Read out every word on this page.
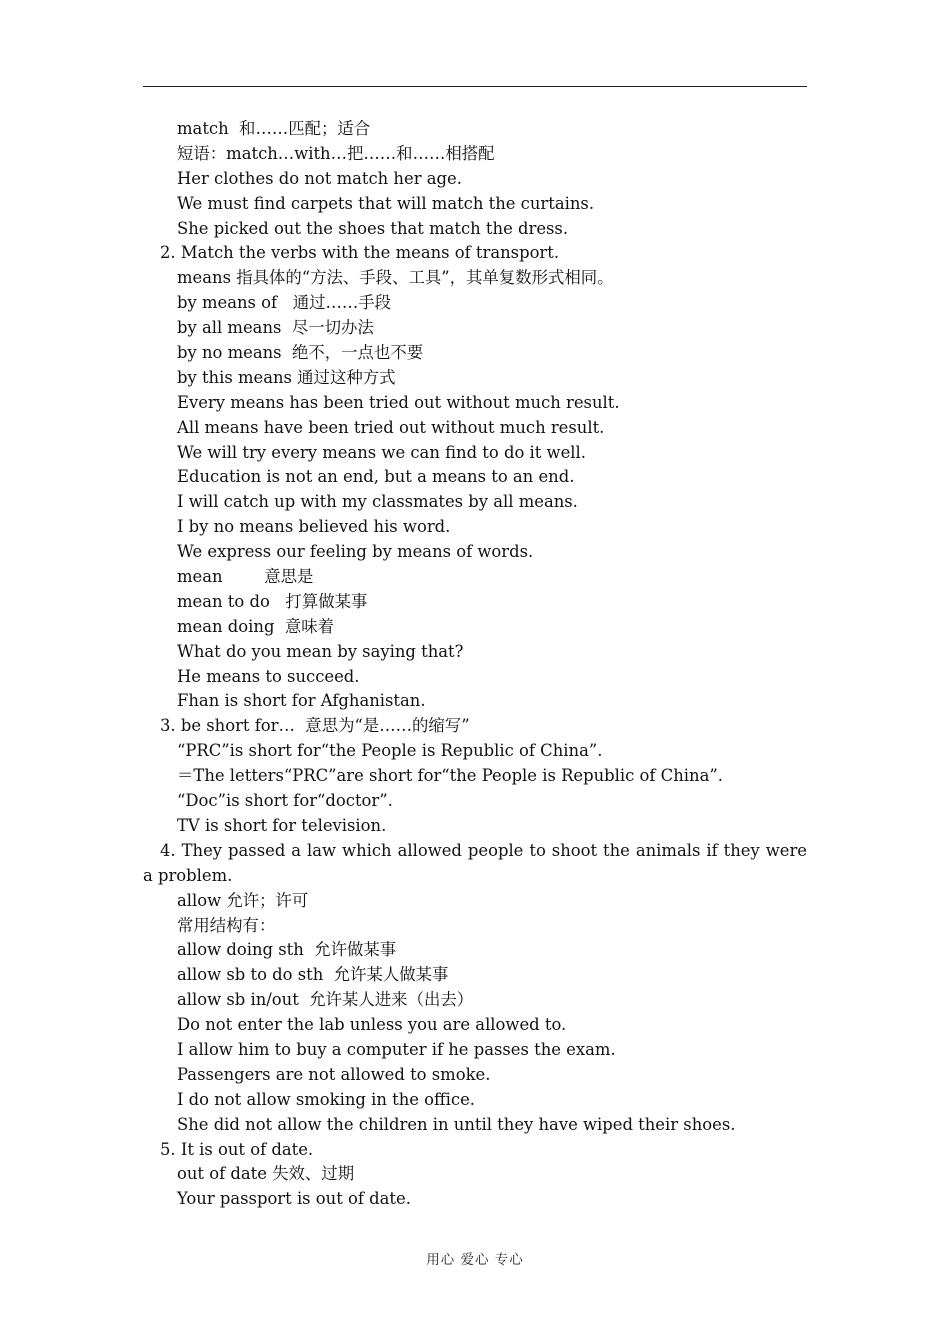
match  和……匹配；适合
短语：match…with…把……和……相搭配
Her clothes do not match her age.
We must find carpets that will match the curtains.
She picked out the shoes that match the dress.
2. Match the verbs with the means of transport.
means 指具体的“方法、手段、工具”，其单复数形式相同。
by means of   通过……手段
by all means  尽一切办法
by no means  绝不，一点也不要
by this means 通过这种方式
Every means has been tried out without much result.
All means have been tried out without much result.
We will try every means we can find to do it well.
Education is not an end, but a means to an end.
I will catch up with my classmates by all means.
I by no means believed his word.
We express our feeling by means of words.
mean        意思是
mean to do   打算做某事
mean doing  意味着
What do you mean by saying that?
He means to succeed.
Fhan is short for Afghanistan.
3. be short for…  意思为“是……的缩写”
“PRC”is short for“the People is Republic of China”.
＝The letters“PRC”are short for“the People is Republic of China”.
“Doc”is short for“doctor”.
TV is short for television.
4. They passed a law which allowed people to shoot the animals if they were a problem.
allow 允许；许可
常用结构有：
allow doing sth  允许做某事
allow sb to do sth  允许某人做某事
allow sb in/out  允许某人进来（出去）
Do not enter the lab unless you are allowed to.
I allow him to buy a computer if he passes the exam.
Passengers are not allowed to smoke.
I do not allow smoking in the office.
She did not allow the children in until they have wiped their shoes.
5. It is out of date.
out of date 失效、过期
Your passport is out of date.
用心 爱心 专心
